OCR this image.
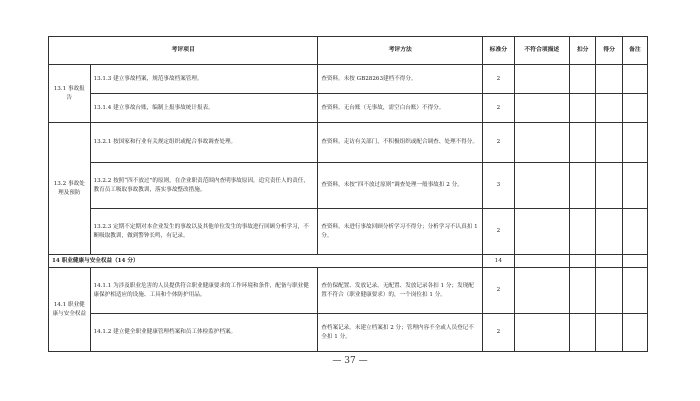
考评项目		考评方法	标准分	不符合项描述	扣分	得分	备注
13.1 事故报告	13.1.3 建立事故档案，规范事故档案管理。	查资料。未按 GB28263建档不得分。	2				
	13.1.4 建立事故台账，编制上报事故统计报表。	查资料。无台账（无事故，需空白台账）不得分。	2				
13.2 事故处理及预防	13.2.1 按国家和行业有关规定组织或配合事故调查处理。	查资料。走访有关部门，不积极组织或配合调查、处理不得分。	2				
	13.2.2 按照“四不放过”的原则，在企业职责范围内查明事故原因，追究责任人的责任，教育员工吸取事故教训，落实事故整改措施。	查资料。未按“四不放过原则”调查处理一般事故扣 2 分。	3				
	13.2.3 定期不定期对本企业发生的事故以及其他单位发生的事故进行回顾分析学习，不断吸取教训，做到警钟长鸣，有记录。	查资料。未进行事故回顾分析学习不得分；分析学习不认真扣 1 分。	2				
14 职业健康与安全权益（14 分）			14				
14.1 职业健康与安全权益	14.1.1 为涉及职业危害的人员提供符合职业健康要求的工作环境和条件，配备与职业健康保护相适应的设施、工具和个体防护用品。	查仿保配置、发放记录。无配置、发放记录各扣 1 分；发现配置不符合（职业健康要求）的，一个岗位扣 1 分。	2				
	14.1.2 建立健全职业健康管理档案和员工体检监护档案。	查档案记录。未建立档案扣 2 分；管理内容不全或人员登记不全扣 1 分。	2				
— 37 —
